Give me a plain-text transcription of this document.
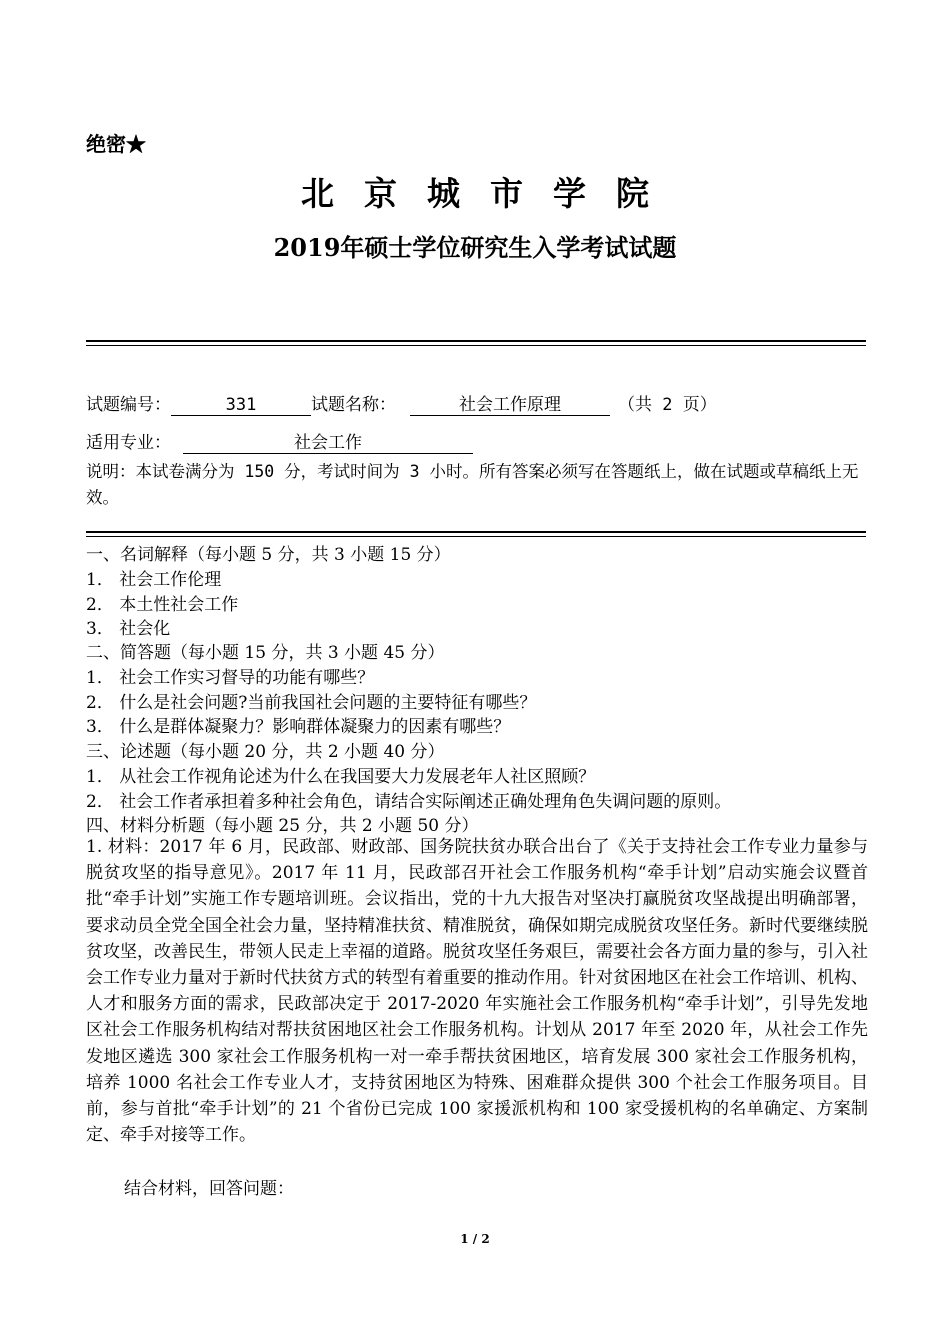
绝密★
北京城市学院
2019年硕士学位研究生入学考试试题
试题编号：	331	试题名称：	社会工作原理	（共 2 页）
适用专业：	社会工作
说明：本试卷满分为 150 分，考试时间为 3 小时。所有答案必须写在答题纸上，做在试题或草稿纸上无效。
一、名词解释（每小题 5 分，共 3 小题 15 分）
1． 社会工作伦理
2． 本土性社会工作
3． 社会化
二、简答题（每小题 15 分，共 3 小题 45 分）
1． 社会工作实习督导的功能有哪些？
2． 什么是社会问题?当前我国社会问题的主要特征有哪些？
3． 什么是群体凝聚力？影响群体凝聚力的因素有哪些？
三、论述题（每小题 20 分，共 2 小题 40 分）
1． 从社会工作视角论述为什么在我国要大力发展老年人社区照顾？
2． 社会工作者承担着多种社会角色，请结合实际阐述正确处理角色失调问题的原则。
四、材料分析题（每小题 25 分，共 2 小题 50 分）
1. 材料：2017 年 6 月，民政部、财政部、国务院扶贫办联合出台了《关于支持社会工作专业力量参与脱贫攻坚的指导意见》。2017 年 11 月，民政部召开社会工作服务机构“牵手计划”启动实施会议暨首批“牵手计划”实施工作专题培训班。会议指出，党的十九大报告对坚决打赢脱贫攻坚战提出明确部署，要求动员全党全国全社会力量，坚持精准扶贫、精准脱贫，确保如期完成脱贫攻坚任务。新时代要继续脱贫攻坚，改善民生，带领人民走上幸福的道路。脱贫攻坚任务艰巨，需要社会各方面力量的参与，引入社会工作专业力量对于新时代扶贫方式的转型有着重要的推动作用。针对贫困地区在社会工作培训、机构、人才和服务方面的需求，民政部决定于 2017-2020 年实施社会工作服务机构“牵手计划”，引导先发地区社会工作服务机构结对帮扶贫困地区社会工作服务机构。计划从 2017 年至 2020 年，从社会工作先发地区遴选 300 家社会工作服务机构一对一牵手帮扶贫困地区，培育发展 300 家社会工作服务机构，培养 1000 名社会工作专业人才，支持贫困地区为特殊、困难群众提供 300 个社会工作服务项目。目前，参与首批“牵手计划”的 21 个省份已完成 100 家援派机构和 100 家受援机构的名单确定、方案制定、牵手对接等工作。
结合材料，回答问题：
1 / 2
